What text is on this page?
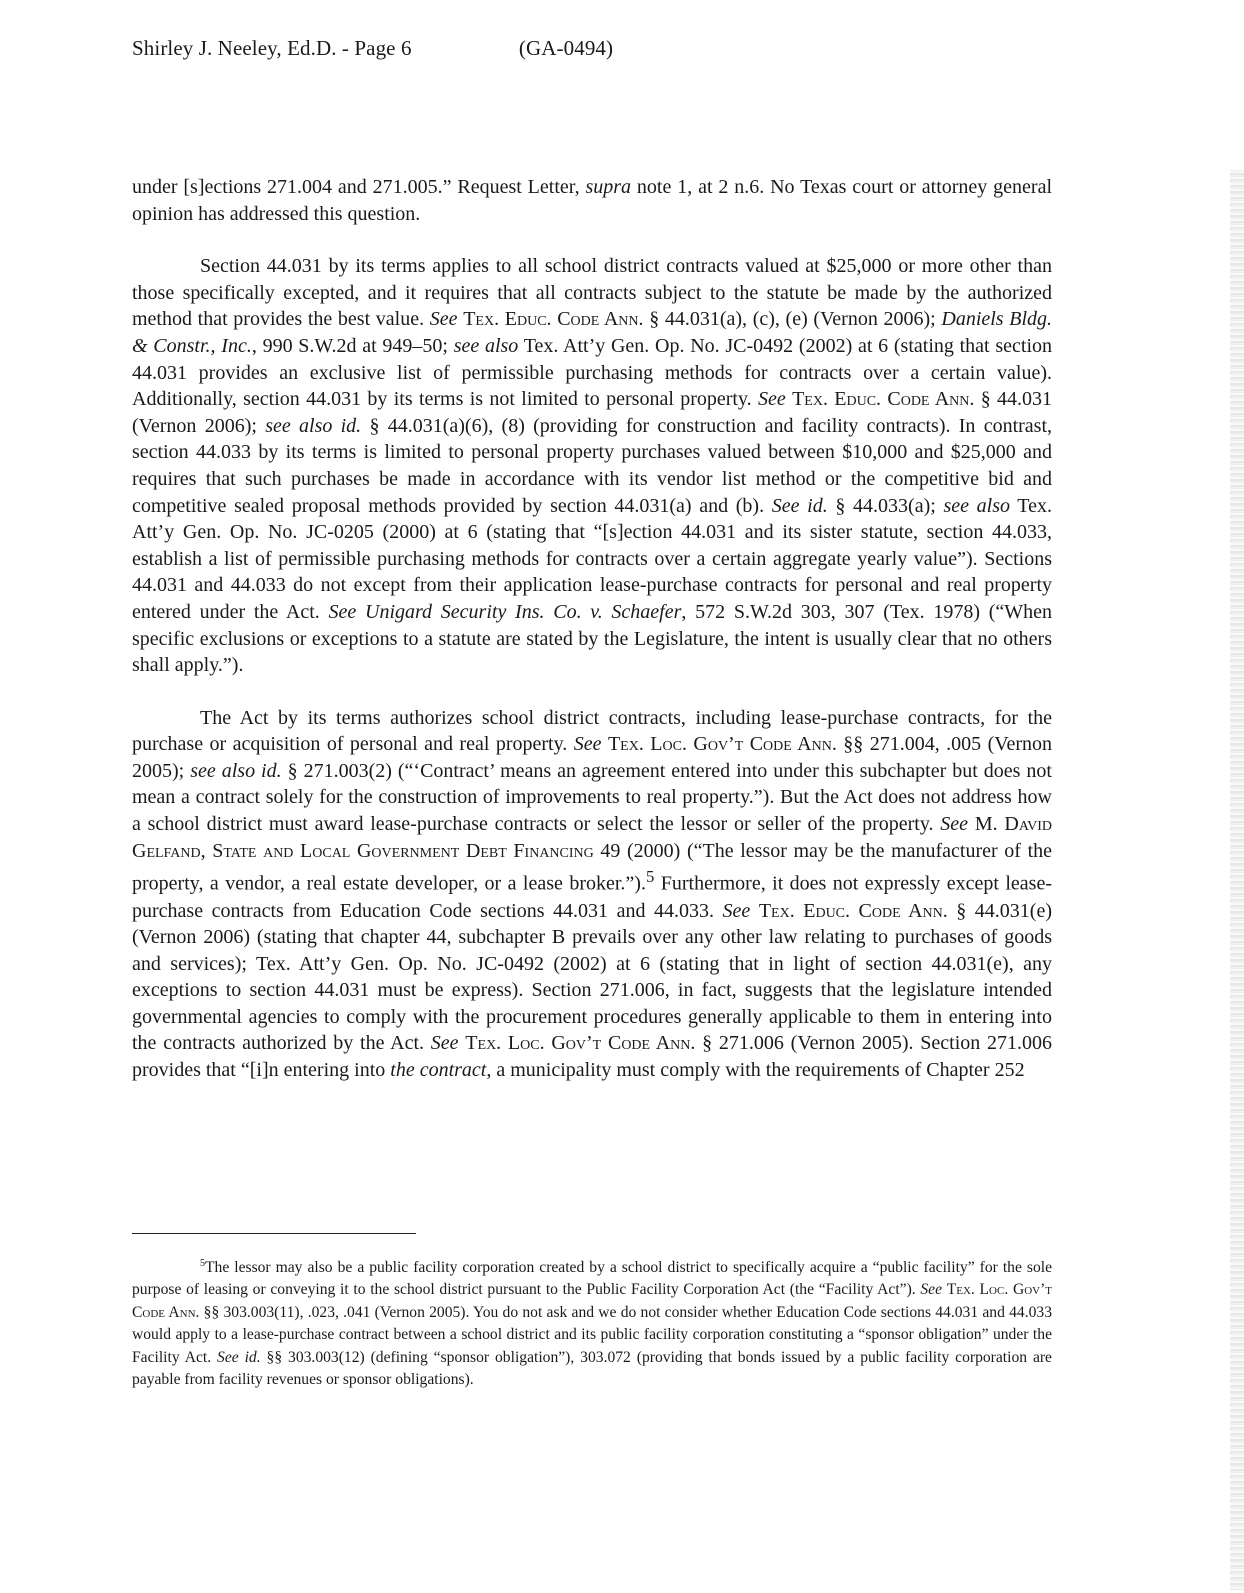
Shirley J. Neeley, Ed.D. - Page 6	(GA-0494)

under [s]ections 271.004 and 271.005.” Request Letter, supra note 1, at 2 n.6. No Texas court or attorney general opinion has addressed this question.

Section 44.031 by its terms applies to all school district contracts valued at $25,000 or more other than those specifically excepted, and it requires that all contracts subject to the statute be made by the authorized method that provides the best value. See Tex. Educ. Code Ann. § 44.031(a), (c), (e) (Vernon 2006); Daniels Bldg. & Constr., Inc., 990 S.W.2d at 949–50; see also Tex. Att’y Gen. Op. No. JC-0492 (2002) at 6 (stating that section 44.031 provides an exclusive list of permissible purchasing methods for contracts over a certain value). Additionally, section 44.031 by its terms is not limited to personal property. See Tex. Educ. Code Ann. § 44.031 (Vernon 2006); see also id. § 44.031(a)(6), (8) (providing for construction and facility contracts). In contrast, section 44.033 by its terms is limited to personal property purchases valued between $10,000 and $25,000 and requires that such purchases be made in accordance with its vendor list method or the competitive bid and competitive sealed proposal methods provided by section 44.031(a) and (b). See id. § 44.033(a); see also Tex. Att’y Gen. Op. No. JC-0205 (2000) at 6 (stating that “[s]ection 44.031 and its sister statute, section 44.033, establish a list of permissible purchasing methods for contracts over a certain aggregate yearly value”). Sections 44.031 and 44.033 do not except from their application lease-purchase contracts for personal and real property entered under the Act. See Unigard Security Ins. Co. v. Schaefer, 572 S.W.2d 303, 307 (Tex. 1978) (“When specific exclusions or exceptions to a statute are stated by the Legislature, the intent is usually clear that no others shall apply.”).

The Act by its terms authorizes school district contracts, including lease-purchase contracts, for the purchase or acquisition of personal and real property. See Tex. Loc. Gov’t Code Ann. §§ 271.004, .005 (Vernon 2005); see also id. § 271.003(2) (“‘Contract’ means an agreement entered into under this subchapter but does not mean a contract solely for the construction of improvements to real property.”). But the Act does not address how a school district must award lease-purchase contracts or select the lessor or seller of the property. See M. David Gelfand, State and Local Government Debt Financing 49 (2000) (“The lessor may be the manufacturer of the property, a vendor, a real estate developer, or a lease broker.”).$^5$ Furthermore, it does not expressly except lease-purchase contracts from Education Code sections 44.031 and 44.033. See Tex. Educ. Code Ann. § 44.031(e) (Vernon 2006) (stating that chapter 44, subchapter B prevails over any other law relating to purchases of goods and services); Tex. Att’y Gen. Op. No. JC-0492 (2002) at 6 (stating that in light of section 44.031(e), any exceptions to section 44.031 must be express). Section 271.006, in fact, suggests that the legislature intended governmental agencies to comply with the procurement procedures generally applicable to them in entering into the contracts authorized by the Act. See Tex. Loc. Gov’t Code Ann. § 271.006 (Vernon 2005). Section 271.006 provides that “[i]n entering into the contract, a municipality must comply with the requirements of Chapter 252

$^5$The lessor may also be a public facility corporation created by a school district to specifically acquire a “public facility” for the sole purpose of leasing or conveying it to the school district pursuant to the Public Facility Corporation Act (the “Facility Act”). See Tex. Loc. Gov’t Code Ann. §§ 303.003(11), .023, .041 (Vernon 2005). You do not ask and we do not consider whether Education Code sections 44.031 and 44.033 would apply to a lease-purchase contract between a school district and its public facility corporation constituting a “sponsor obligation” under the Facility Act. See id. §§ 303.003(12) (defining “sponsor obligation”), 303.072 (providing that bonds issued by a public facility corporation are payable from facility revenues or sponsor obligations).
